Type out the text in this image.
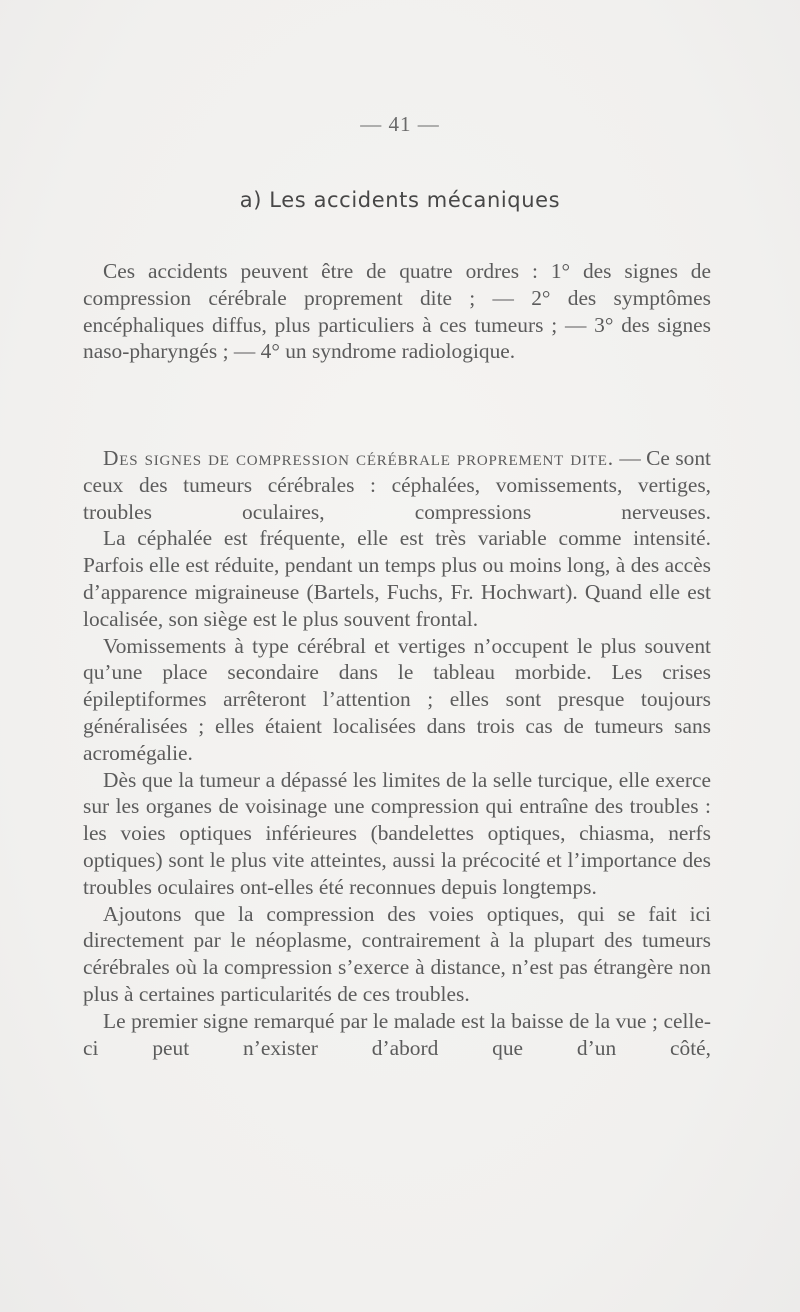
— 41 —
a) Les accidents mécaniques

Ces accidents peuvent être de quatre ordres : 1° des signes de compression cérébrale proprement dite ; — 2° des symptômes encéphaliques diffus, plus particuliers à ces tumeurs ; — 3° des signes naso-pharyngés ; — 4° un syndrome radiologique.

Des signes de compression cérébrale proprement dite. — Ce sont ceux des tumeurs cérébrales : céphalées, vomissements, vertiges, troubles oculaires, compressions nerveuses.

La céphalée est fréquente, elle est très variable comme intensité. Parfois elle est réduite, pendant un temps plus ou moins long, à des accès d’apparence migraineuse (Bartels, Fuchs, Fr. Hochwart). Quand elle est localisée, son siège est le plus souvent frontal.

Vomissements à type cérébral et vertiges n’occupent le plus souvent qu’une place secondaire dans le tableau morbide. Les crises épileptiformes arrêteront l’attention ; elles sont presque toujours généralisées ; elles étaient localisées dans trois cas de tumeurs sans acromégalie.

Dès que la tumeur a dépassé les limites de la selle turcique, elle exerce sur les organes de voisinage une compression qui entraîne des troubles : les voies optiques inférieures (bandelettes optiques, chiasma, nerfs optiques) sont le plus vite atteintes, aussi la précocité et l’importance des troubles oculaires ont-elles été reconnues depuis longtemps.

Ajoutons que la compression des voies optiques, qui se fait ici directement par le néoplasme, contrairement à la plupart des tumeurs cérébrales où la compression s’exerce à distance, n’est pas étrangère non plus à certaines particularités de ces troubles.

Le premier signe remarqué par le malade est la baisse de la vue ; celle-ci peut n’exister d’abord que d’un côté,
